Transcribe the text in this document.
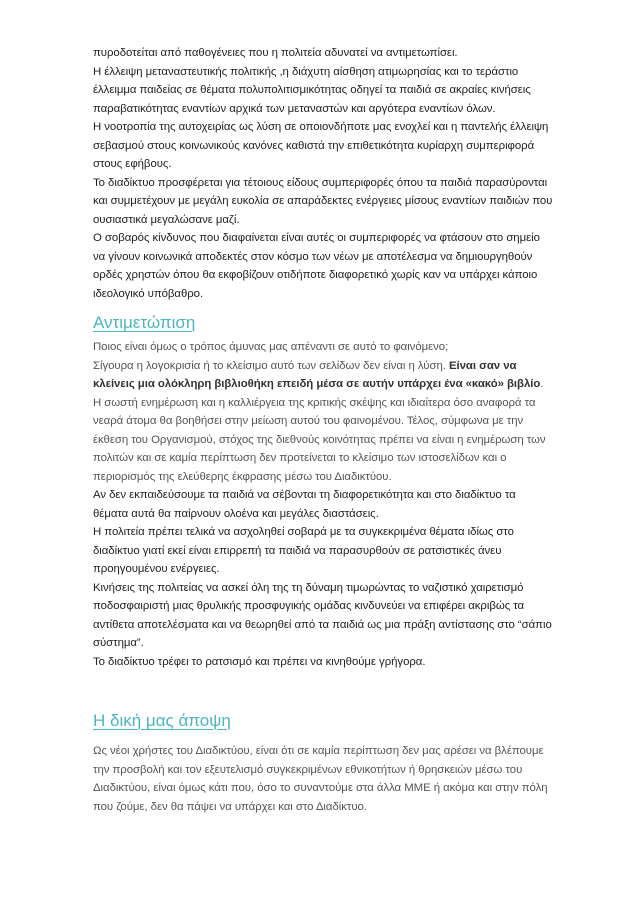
πυροδοτείται από παθογένειες που η πολιτεία αδυνατεί να αντιμετωπίσει.

Η έλλειψη μεταναστευτικής πολιτικής ,η διάχυτη αίσθηση ατιμωρησίας και το τεράστιο έλλειμμα παιδείας σε θέματα πολυπολιτισμικότητας οδηγεί τα παιδιά σε ακραίες κινήσεις παραβατικότητας εναντίων αρχικά των μεταναστών και αργότερα εναντίων όλων.

Η νοοτροπία της αυτοχειρίας ως λύση σε οποιονδήποτε μας ενοχλεί και η παντελής έλλειψη σεβασμού στους κοινωνικούς κανόνες καθιστά την επιθετικότητα κυρίαρχη συμπεριφορά στους εφήβους.

Το διαδίκτυο προσφέρεται για τέτοιους είδους συμπεριφορές όπου τα παιδιά παρασύρονται και συμμετέχουν με μεγάλη ευκολία σε απαράδεκτες ενέργειες μίσους εναντίων παιδιών που ουσιαστικά μεγαλώσανε μαζί.

Ο σοβαρός κίνδυνος που διαφαίνεται είναι αυτές οι συμπεριφορές να φτάσουν στο σημείο να γίνουν κοινωνικά αποδεκτές στον κόσμο των νέων με αποτέλεσμα να δημιουργηθούν ορδές χρηστών όπου θα εκφοβίζουν οτιδήποτε διαφορετικό χωρίς καν να υπάρχει κάποιο ιδεολογικό υπόβαθρο.

Αντιμετώπιση

Ποιος είναι όμως ο τρόπος άμυνας μας απέναντι σε αυτό το φαινόμενο;

Σίγουρα η λογοκρισία ή το κλείσιμο αυτό των σελίδων δεν είναι η λύση. Είναι σαν να κλείνεις μια ολόκληρη βιβλιοθήκη επειδή μέσα σε αυτήν υπάρχει ένα «κακό» βιβλίο. Η σωστή ενημέρωση και η καλλιέργεια της κριτικής σκέψης και ιδιαίτερα όσο αναφορά τα νεαρά άτομα θα βοηθήσει στην μείωση αυτού του φαινομένου. Τέλος, σύμφωνα με την έκθεση του Οργανισμού, στόχος της διεθνούς κοινότητας πρέπει να είναι η ενημέρωση των πολιτών και σε καμία περίπτωση δεν προτείνεται το κλείσιμο των ιστοσελίδων και ο περιορισμός της ελεύθερης έκφρασης μέσω του Διαδικτύου.

Αν δεν εκπαιδεύσουμε τα παιδιά να σέβονται τη διαφορετικότητα και στο διαδίκτυο τα θέματα αυτά θα παίρνουν ολοένα και μεγάλες διαστάσεις.

Η πολιτεία πρέπει τελικά να ασχοληθεί σοβαρά με τα συγκεκριμένα θέματα ιδίως στο διαδίκτυο γιατί εκεί είναι επιρρεπή τα παιδιά να παρασυρθούν σε ρατσιστικές άνευ προηγουμένου ενέργειες.

Κινήσεις της πολιτείας να ασκεί όλη της τη δύναμη τιμωρώντας το ναζιστικό χαιρετισμό ποδοσφαιριστή μιας θρυλικής προσφυγικής ομάδας κινδυνεύει να επιφέρει ακριβώς τα αντίθετα αποτελέσματα και να θεωρηθεί από τα παιδιά ως μια πράξη αντίστασης στο “σάπιο σύστημα”.

Το διαδίκτυο τρέφει το ρατσισμό και πρέπει να κινηθούμε γρήγορα.

Η δική μας άποψη

Ως νέοι χρήστες του Διαδικτύου, είναι ότι σε καμία περίπτωση δεν μας αρέσει να βλέπουμε την προσβολή και τον εξευτελισμό συγκεκριμένων εθνικοτήτων ή θρησκειών μέσω του Διαδικτύου, είναι όμως κάτι που, όσο το συναντούμε στα άλλα ΜΜΕ ή ακόμα και στην πόλη που ζούμε, δεν θα πάψει να υπάρχει και στο Διαδίκτυο.
